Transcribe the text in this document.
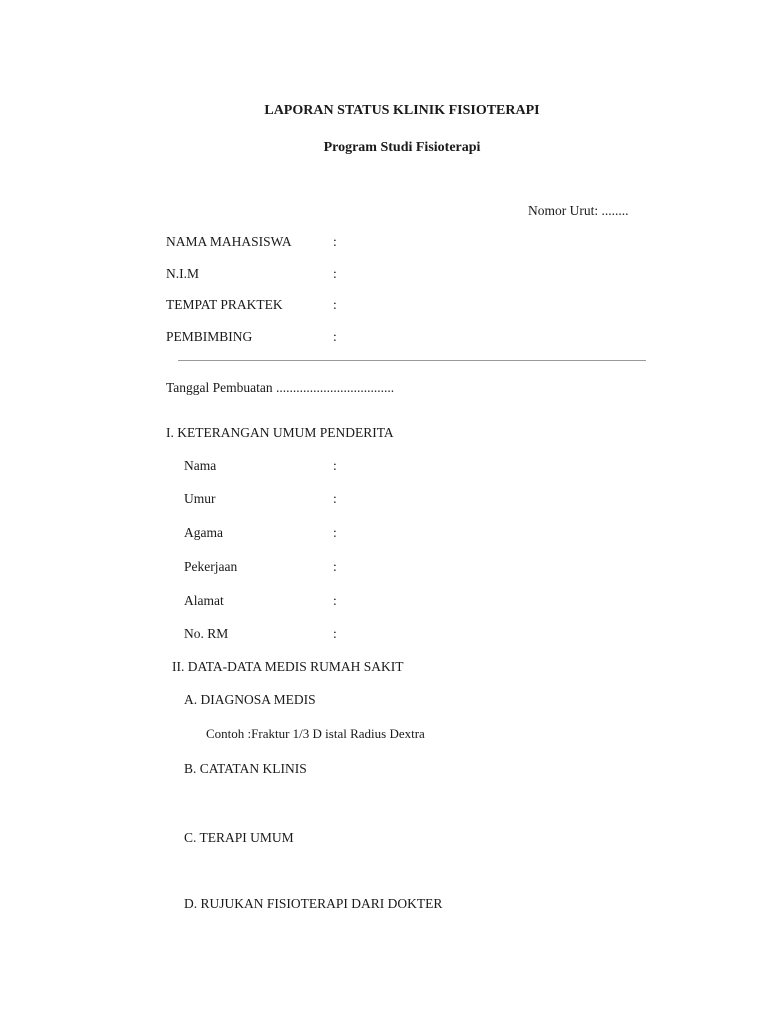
LAPORAN STATUS KLINIK FISIOTERAPI
Program Studi Fisioterapi
Nomor Urut: ........
NAMA MAHASISWA	:
N.I.M	:
TEMPAT PRAKTEK	:
PEMBIMBING	:
Tanggal Pembuatan ...................................
I. KETERANGAN UMUM PENDERITA
Nama	:
Umur	:
Agama	:
Pekerjaan	:
Alamat	:
No. RM	:
II. DATA-DATA MEDIS RUMAH SAKIT
A. DIAGNOSA MEDIS
Contoh :Fraktur 1/3 D istal Radius Dextra
B. CATATAN KLINIS
C. TERAPI UMUM
D. RUJUKAN FISIOTERAPI DARI DOKTER
